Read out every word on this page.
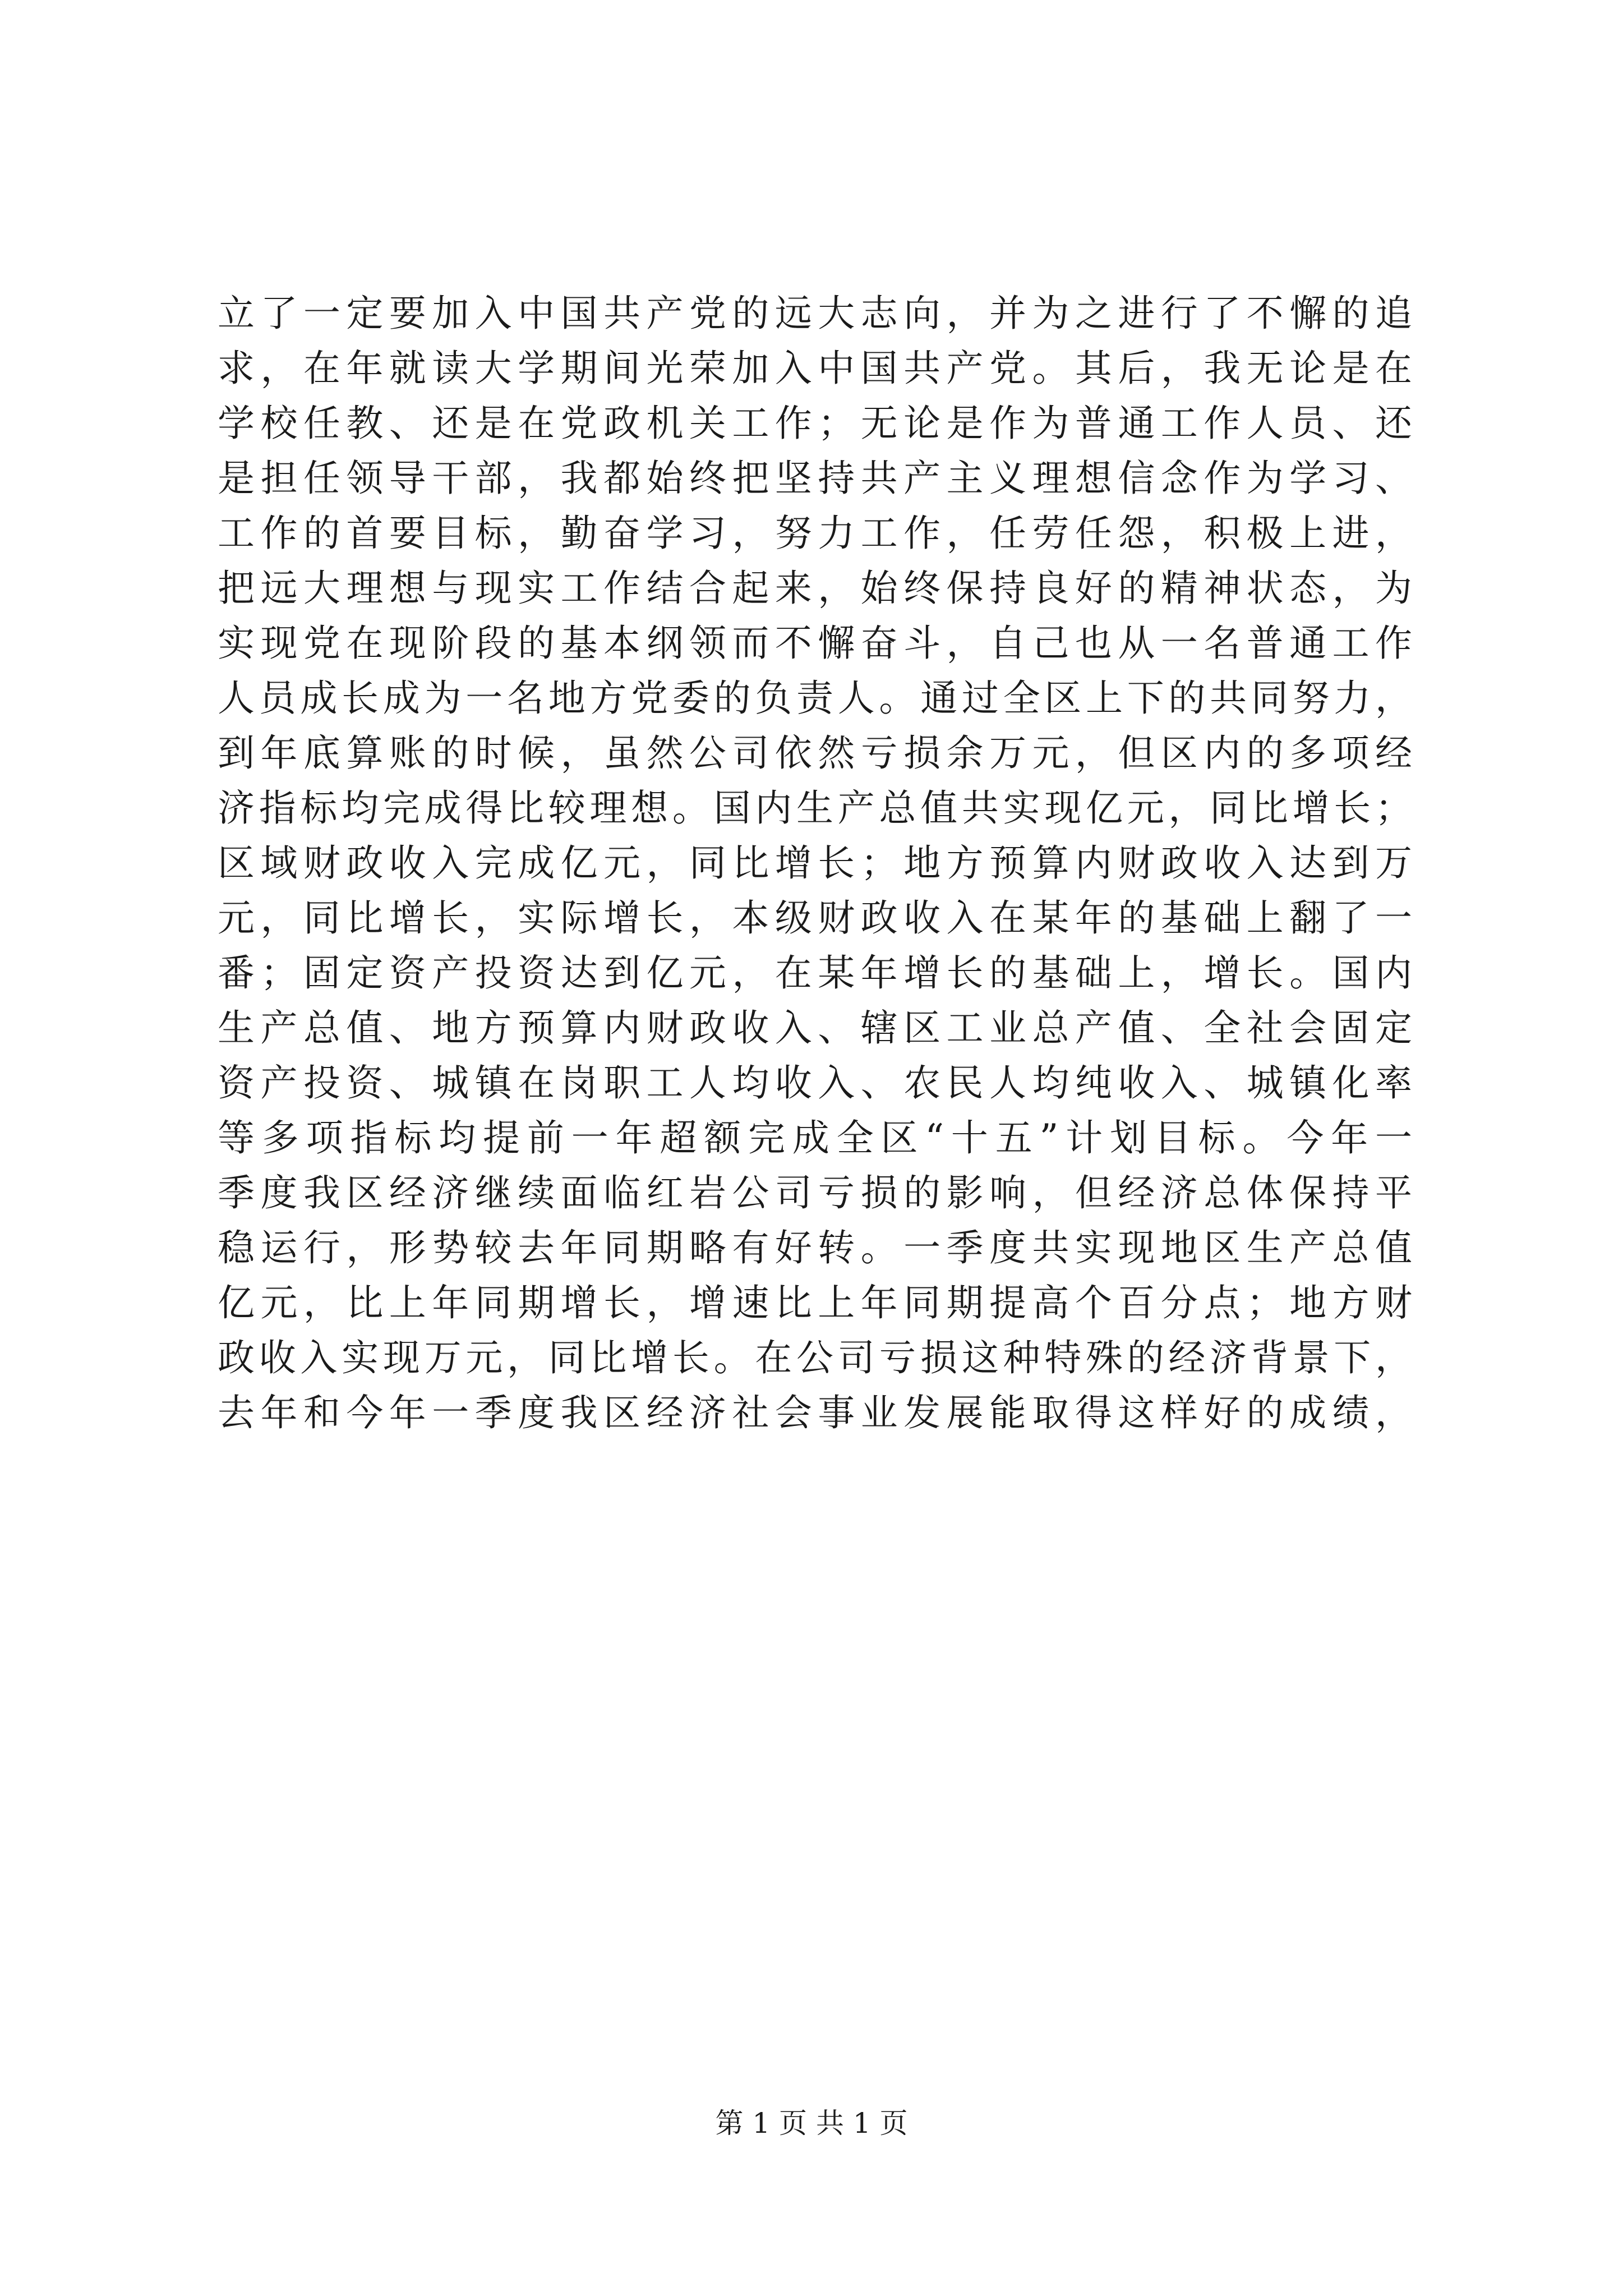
立了一定要加入中国共产党的远大志向，并为之进行了不懈的追
求，在年就读大学期间光荣加入中国共产党。其后，我无论是在
学校任教、还是在党政机关工作；无论是作为普通工作人员、还
是担任领导干部，我都始终把坚持共产主义理想信念作为学习、
工作的首要目标，勤奋学习，努力工作，任劳任怨，积极上进，
把远大理想与现实工作结合起来，始终保持良好的精神状态，为
实现党在现阶段的基本纲领而不懈奋斗，自己也从一名普通工作
人员成长成为一名地方党委的负责人。通过全区上下的共同努力，
到年底算账的时候，虽然公司依然亏损余万元，但区内的多项经
济指标均完成得比较理想。国内生产总值共实现亿元，同比增长；
区域财政收入完成亿元，同比增长；地方预算内财政收入达到万
元，同比增长，实际增长，本级财政收入在某年的基础上翻了一
番；固定资产投资达到亿元，在某年增长的基础上，增长。国内
生产总值、地方预算内财政收入、辖区工业总产值、全社会固定
资产投资、城镇在岗职工人均收入、农民人均纯收入、城镇化率
等多项指标均提前一年超额完成全区“十五”计划目标。今年一
季度我区经济继续面临红岩公司亏损的影响，但经济总体保持平
稳运行，形势较去年同期略有好转。一季度共实现地区生产总值
亿元，比上年同期增长，增速比上年同期提高个百分点；地方财
政收入实现万元，同比增长。在公司亏损这种特殊的经济背景下，
去年和今年一季度我区经济社会事业发展能取得这样好的成绩，
第 1 页 共 1 页
